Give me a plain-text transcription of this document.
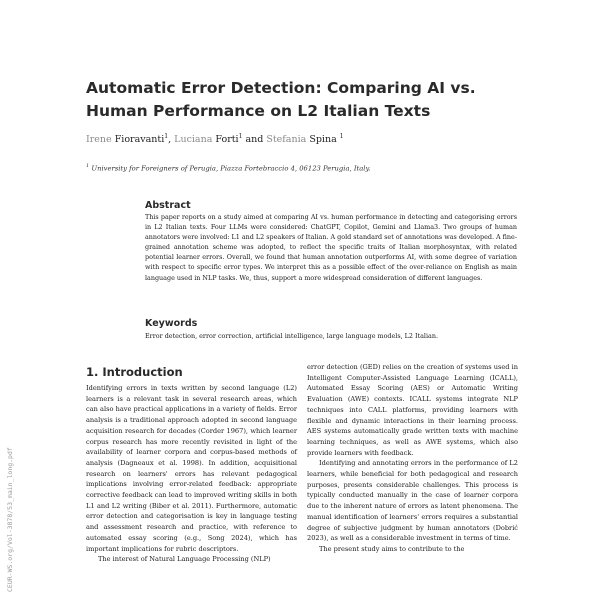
CEUR-WS.org/Vol-3878/53_main_long.pdf
Automatic Error Detection: Comparing AI vs. Human Performance on L2 Italian Texts
Irene Fioravanti$^1$, Luciana Forti$^1$ and Stefania Spina $^1$
$^1$ University for Foreigners of Perugia, Piazza Fortebraccio 4, 06123 Perugia, Italy.
Abstract

This paper reports on a study aimed at comparing AI vs. human performance in detecting and categorising errors in L2 Italian texts. Four LLMs were considered: ChatGPT, Copilot, Gemini and Llama3. Two groups of human annotators were involved: L1 and L2 speakers of Italian. A gold standard set of annotations was developed. A fine-grained annotation scheme was adopted, to reflect the specific traits of Italian morphosyntax, with related potential learner errors. Overall, we found that human annotation outperforms AI, with some degree of variation with respect to specific error types. We interpret this as a possible effect of the over-reliance on English as main language used in NLP tasks. We, thus, support a more widespread consideration of different languages.

Keywords

Error detection, error correction, artificial intelligence, large language models, L2 Italian.

1. Introduction

Identifying errors in texts written by second language (L2) learners is a relevant task in several research areas, which can also have practical applications in a variety of fields. Error analysis is a traditional approach adopted in second language acquisition research for decades (Corder 1967), which learner corpus research has more recently revisited in light of the availability of learner corpora and corpus-based methods of analysis (Dagneaux et al. 1998). In addition, acquisitional research on learners' errors has relevant pedagogical implications involving error-related feedback: appropriate corrective feedback can lead to improved writing skills in both L1 and L2 writing (Biber et al. 2011). Furthermore, automatic error detection and categorisation is key in language testing and assessment research and practice, with reference to automated essay scoring (e.g., Song 2024), which has important implications for rubric descriptors.

The interest of Natural Language Processing (NLP)

error detection (GED) relies on the creation of systems used in Intelligent Computer-Assisted Language Learning (ICALL), Automated Essay Scoring (AES) or Automatic Writing Evaluation (AWE) contexts. ICALL systems integrate NLP techniques into CALL platforms, providing learners with flexible and dynamic interactions in their learning process. AES systems automatically grade written texts with machine learning techniques, as well as AWE systems, which also provide learners with feedback.

Identifying and annotating errors in the performance of L2 learners, while beneficial for both pedagogical and research purposes, presents considerable challenges. This process is typically conducted manually in the case of learner corpora due to the inherent nature of errors as latent phenomena. The manual identification of learners' errors requires a substantial degree of subjective judgment by human annotators (Dobrić 2023), as well as a considerable investment in terms of time.

The present study aims to contribute to the
